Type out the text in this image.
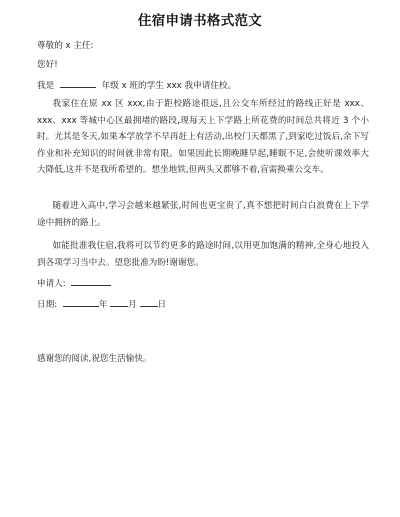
住宿申请书格式范文
尊敬的 x 主任:
您好!
我是	年级 x 班的学生 xxx 我申请住校。
我家住在原 xx 区 xxx,由于距校路途很远,且公交车所经过的路线正好是 xxx、xxx、xxx 等城中心区最拥堵的路段,现每天上下学路上所花费的时间总共将近 3 个小时。尤其是冬天,如果本学放学不早再赶上有活动,出校门天都黑了,到家吃过饭后,余下写作业和补充知识的时间就非常有限。如果因此长期晚睡早起,睡眠不足,会使听课效率大大降低,这并不是我所希望的。想坐地铁,但两头又都够不着,盲需换乘公交车。
随着进入高中,学习会越来越紧张,时间也更宝贵了,真不想把时间白白浪费在上下学途中拥挤的路上。
如能批准我住宿,我将可以节约更多的路途时间,以用更加饱满的精神,全身心地投入到各项学习当中去。望您批准为盼!谢谢您。
申请人:
日期:	年 月 日
感谢您的阅读,祝您生活愉快。
